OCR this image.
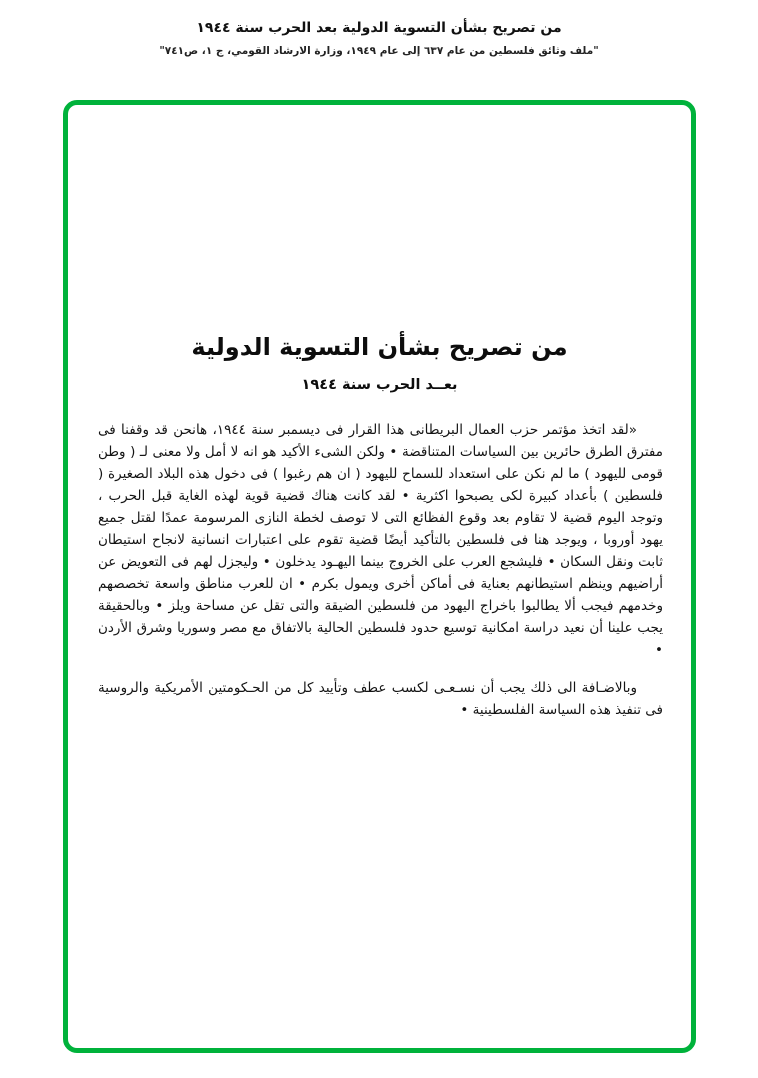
من تصريح بشأن التسوية الدولية بعد الحرب سنة ١٩٤٤
"ملف وثائق فلسطين من عام ٦٣٧ إلى عام ١٩٤٩، وزارة الارشاد القومي، ج ١، ص٧٤١"
من تصريح بشأن التسوية الدولية
بعــد الحرب سنة ١٩٤٤

«لقد اتخذ مؤتمر حزب العمال البريطانى هذا القرار فى ديسمبر سنة ١٩٤٤، هانحن قد وقفنا فى مفترق الطرق حائرين بين السياسات المتناقضة • ولكن الشىء الأكيد هو انه لا أمل ولا معنى لـ ( وطن قومى لليهود ) ما لم نكن على استعداد للسماح لليهود ( ان هم رغبوا ) فى دخول هذه البلاد الصغيرة ( فلسطين ) بأعداد كبيرة لكى يصبحوا اكثرية • لقد كانت هناك قضية قوية لهذه الغاية قبل الحرب ، وتوجد اليوم قضية لا تقاوم بعد وقوع الفظائع التى لا توصف لخطة النازى المرسومة عمدًا لقتل جميع يهود أوروبا ، ويوجد هنا فى فلسطين بالتأكيد أيضًا قضية تقوم على اعتبارات انسانية لانجاح استيطان ثابت ونقل السكان • فليشجع العرب على الخروج بينما اليهـود يدخلون • وليجزل لهم فى التعويض عن أراضيهم وينظم استيطانهم بعناية فى أماكن أخرى ويمول بكرم • ان للعرب مناطق واسعة تخصصهم وخدمهم فيجب ألا يطالبوا باخراج اليهود من فلسطين الضيقة والتى تقل عن مساحة ويلز • وبالحقيقة يجب علينا أن نعيد دراسة امكانية توسيع حدود فلسطين الحالية بالاتفاق مع مصر وسوريا وشرق الأردن •

وبالاضـافة الى ذلك يجب أن نسـعـى لكسب عطف وتأييد كل من الحـكومتين الأمريكية والروسية فى تنفيذ هذه السياسة الفلسطينية •
